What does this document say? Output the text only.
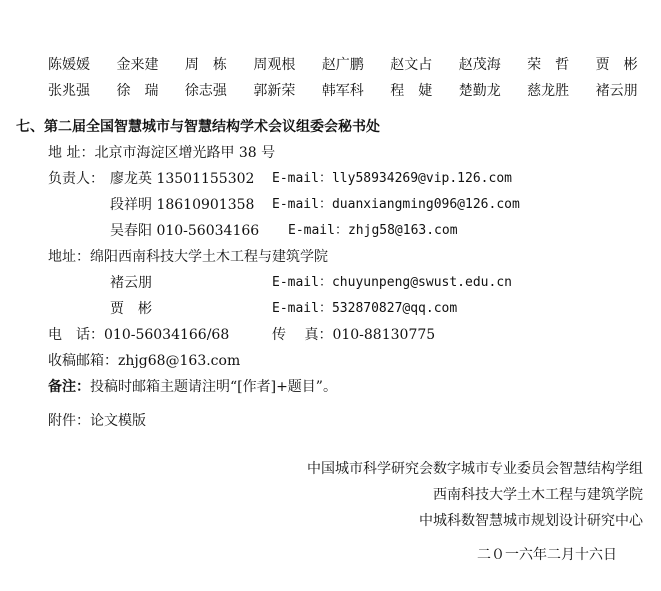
陈媛媛 金来建 周　栋 周观根 赵广鹏 赵文占 赵茂海 荣　哲 贾　彬
张兆强 徐　瑞 徐志强 郭新荣 韩军科 程　婕 楚勤龙 慈龙胜 褚云朋
七、第二届全国智慧城市与智慧结构学术会议组委会秘书处
地 址：北京市海淀区增光路甲 38 号
负责人： 廖龙英 13501155302 E-mail：lly58934269@vip.126.com
段祥明 18610901358 E-mail：duanxiangming096@126.com
吴春阳 010-56034166 E-mail：zhjg58@163.com
地址：绵阳西南科技大学土木工程与建筑学院
褚云朋	E-mail：chuyunpeng@swust.edu.cn
贾　彬	E-mail：532870827@qq.com
电　话：010-56034166/68	传　 真：010-88130775
收稿邮箱：zhjg68@163.com
备注：投稿时邮箱主题请注明“[作者]+题目”。
附件：论文模版
中国城市科学研究会数字城市专业委员会智慧结构学组
西南科技大学土木工程与建筑学院
中城科数智慧城市规划设计研究中心
二０一六年二月十六日
